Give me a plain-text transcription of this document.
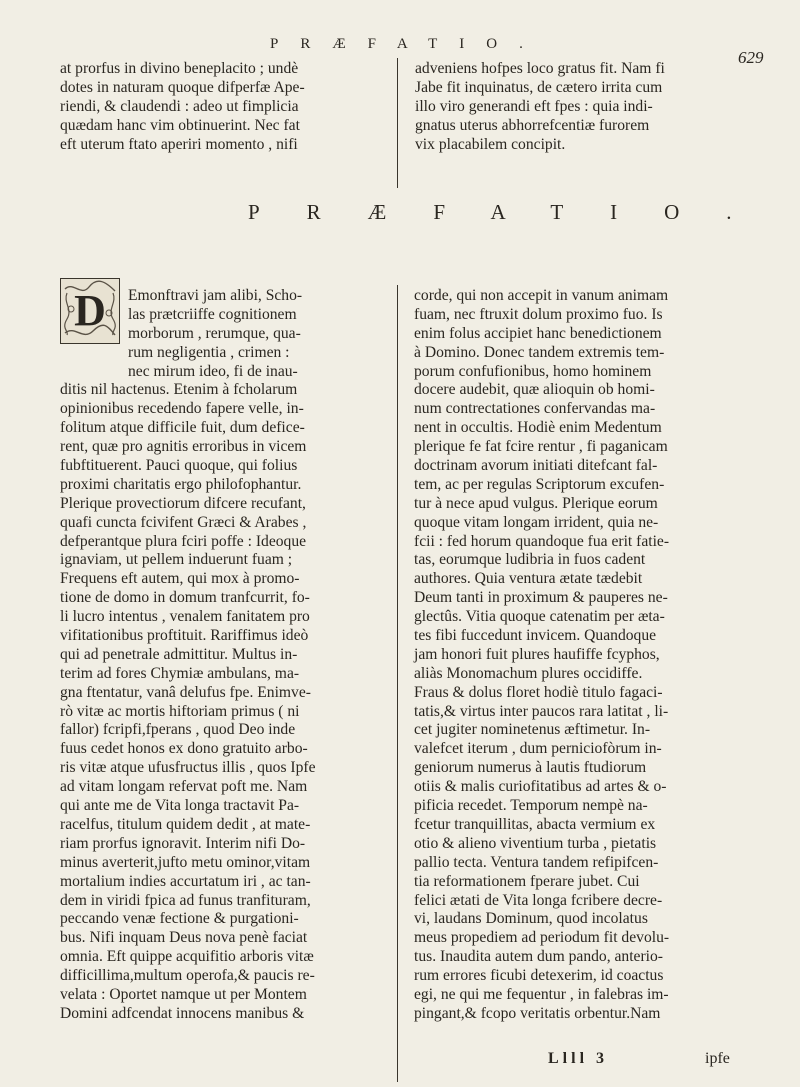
PRÆFATIO.
629
at prorfus in divino beneplacito ; undè
dotes in naturam quoque difperfæ Ape-
riendi, & claudendi : adeo ut fimplicia
quædam hanc vim obtinuerint. Nec fat
eft uterum ftato aperiri momento , nifi
adveniens hofpes loco gratus fit. Nam fi
Jabe fit inquinatus, de cætero irrita cum
illo viro generandi eft fpes : quia indi-
gnatus uterus abhorrefcentiæ furorem
vix placabilem concipit.
PRÆFATIO.
D	Emonftravi jam alibi, Scho-
las prætcriiffe cognitionem
morborum , rerumque, qua-
rum negligentia , crimen :
nec mirum ideo, fi de inau-
ditis nil hactenus. Etenim à fcholarum
opinionibus recedendo fapere velle, in-
folitum atque difficile fuit, dum defice-
rent, quæ pro agnitis erroribus in vicem
fubftituerent. Pauci quoque, qui folius
proximi charitatis ergo philofophantur.
Plerique provectiorum difcere recufant,
quafi cuncta fcivifent Græci & Arabes ,
defperantque plura fciri poffe : Ideoque
ignaviam, ut pellem induerunt fuam ;
Frequens eft autem, qui mox à promo-
tione de domo in domum tranfcurrit, fo-
li lucro intentus , venalem fanitatem pro
vifitationibus proftituit. Rariffimus ideò
qui ad penetrale admittitur. Multus in-
terim ad fores Chymiæ ambulans, ma-
gna ftentatur, vanâ delufus fpe. Enimve-
rò vitæ ac mortis hiftoriam primus ( ni
fallor) fcripfi,fperans , quod Deo inde
fuus cedet honos ex dono gratuito arbo-
ris vitæ atque ufusfructus illis , quos Ipfe
ad vitam longam refervat poft me. Nam
qui ante me de Vita longa tractavit Pa-
racelfus, titulum quidem dedit , at mate-
riam prorfus ignoravit. Interim nifi Do-
minus averterit,jufto metu ominor,vitam
mortalium indies accurtatum iri , ac tan-
dem in viridi fpica ad funus tranfituram,
peccando venæ fectione & purgationi-
bus. Nifi inquam Deus nova penè faciat
omnia. Eft quippe acquifitio arboris vitæ
difficillima,multum operofa,& paucis re-
velata : Oportet namque ut per Montem
Domini adfcendat innocens manibus &
corde, qui non accepit in vanum animam
fuam, nec ftruxit dolum proximo fuo. Is
enim folus accipiet hanc benedictionem
à Domino. Donec tandem extremis tem-
porum confufionibus, homo hominem
docere audebit, quæ alioquin ob homi-
num contrectationes confervandas ma-
nent in occultis. Hodiè enim Medentum
plerique fe fat fcire rentur , fi paganicam
doctrinam avorum initiati ditefcant fal-
tem, ac per regulas Scriptorum excufen-
tur à nece apud vulgus. Plerique eorum
quoque vitam longam irrident, quia ne-
fcii : fed horum quandoque fua erit fatie-
tas, eorumque ludibria in fuos cadent
authores. Quia ventura ætate tædebit
Deum tanti in proximum & pauperes ne-
glectûs. Vitia quoque catenatim per æta-
tes fibi fuccedunt invicem. Quandoque
jam honori fuit plures haufiffe fcyphos,
aliàs Monomachum plures occidiffe.
Fraus & dolus floret hodiè titulo fagaci-
tatis,& virtus inter paucos rara latitat , li-
cet jugiter nominetenus æftimetur. In-
valefcet iterum , dum perniciofòrum in-
geniorum numerus à lautis ftudiorum
otiis & malis curiofitatibus ad artes & o-
pificia recedet. Temporum nempè na-
fcetur tranquillitas, abacta vermium ex
otio & alieno viventium turba , pietatis
pallio tecta. Ventura tandem refipifcen-
tia reformationem fperare jubet. Cui
felici ætati de Vita longa fcribere decre-
vi, laudans Dominum, quod incolatus
meus propediem ad periodum fit devolu-
tus. Inaudita autem dum pando, anterio-
rum errores ficubi detexerim, id coactus
egi, ne qui me fequentur , in falebras im-
pingant,& fcopo veritatis orbentur.Nam
Llll 3	ipfe
